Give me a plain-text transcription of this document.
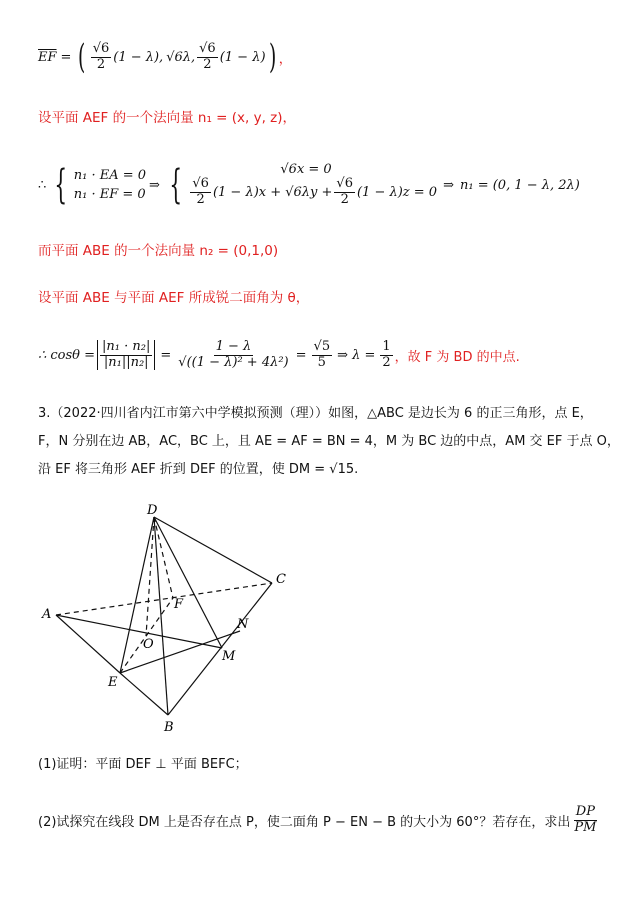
$\overline{EF}$ = ( $\frac{√6}{2} (1 - \lambda)$, √6λ, $\frac{√6}{2} (1 - \lambda)$ ) ，
设平面 AEF 的一个法向量 n₁ = (x, y, z)，
∴ { n₁ · EA = 0
n₁ · EF = 0
⇒ {	√6x = 0
$\frac{√6}{2} (1 - \lambda)x + √6\lambda y + \frac{√6}{2} (1 - \lambda)z = 0$ ⇒ n₁ = (0, 1 − λ, 2λ)
而平面 ABE 的一个法向量 n₂ = (0,1,0)
设平面 ABE 与平面 AEF 所成锐二面角为 θ，
∴ $\cos\theta = \frac{\text{|n₁ · n₂|}}{\text{|n₁||n₂|}} = \frac{1 - \lambda}{\text{√((1 − λ)² + 4λ²)}} = \frac{√5}{5}$ ⇒ $\lambda = \frac{1}{2}$ ，故 F 为 BD 的中点.
3.（2022·四川省内江市第六中学模拟预测（理））如图，△ABC 是边长为 6 的正三角形，点 E，
F，N 分别在边 AB，AC，BC 上，且 AE = AF = BN = 4，M 为 BC 边的中点，AM 交 EF 于点 O，
沿 EF 将三角形 AEF 折到 DEF 的位置，使 DM = √15.
D
A
C
F
N
O
M
E
B
(1)证明：平面 DEF ⊥ 平面 BEFC；
(2)试探究在线段 DM 上是否存在点 P，使二面角 P − EN − B 的大小为 60°？若存在，求出 $\frac{DP}{PM}$
